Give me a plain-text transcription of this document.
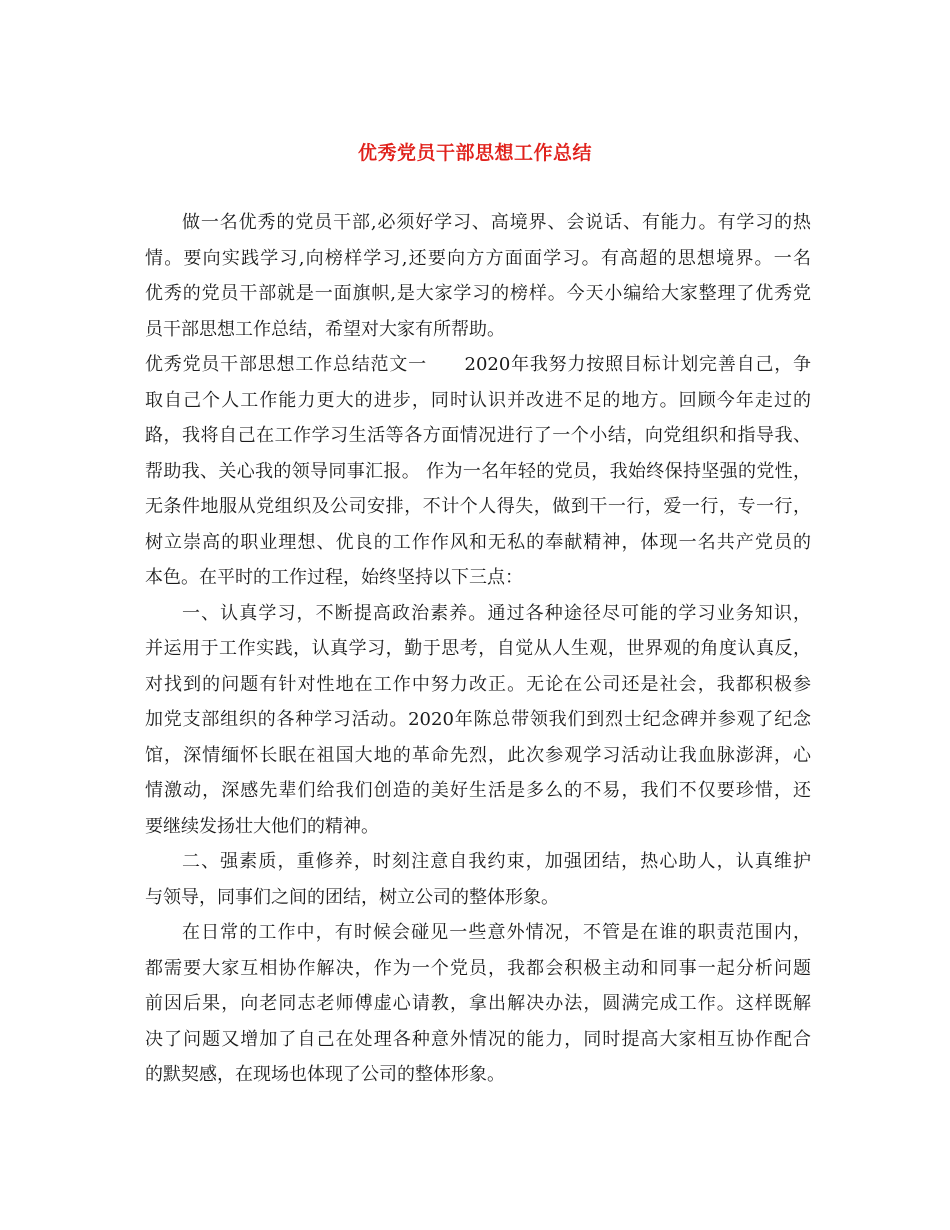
优秀党员干部思想工作总结
做一名优秀的党员干部,必须好学习、高境界、会说话、有能力。有学习的热
情。要向实践学习,向榜样学习,还要向方方面面学习。有高超的思想境界。一名
优秀的党员干部就是一面旗帜,是大家学习的榜样。今天小编给大家整理了优秀党
员干部思想工作总结，希望对大家有所帮助。
优秀党员干部思想工作总结范文一　　2020年我努力按照目标计划完善自己，争
取自己个人工作能力更大的进步，同时认识并改进不足的地方。回顾今年走过的
路，我将自己在工作学习生活等各方面情况进行了一个小结，向党组织和指导我、
帮助我、关心我的领导同事汇报。 作为一名年轻的党员，我始终保持坚强的党性，
无条件地服从党组织及公司安排，不计个人得失，做到干一行，爱一行，专一行，
树立崇高的职业理想、优良的工作作风和无私的奉献精神，体现一名共产党员的
本色。在平时的工作过程，始终坚持以下三点：
一、认真学习，不断提高政治素养。通过各种途径尽可能的学习业务知识，
并运用于工作实践，认真学习，勤于思考，自觉从人生观，世界观的角度认真反，
对找到的问题有针对性地在工作中努力改正。无论在公司还是社会，我都积极参
加党支部组织的各种学习活动。2020年陈总带领我们到烈士纪念碑并参观了纪念
馆，深情缅怀长眠在祖国大地的革命先烈，此次参观学习活动让我血脉澎湃，心
情激动，深感先辈们给我们创造的美好生活是多么的不易，我们不仅要珍惜，还
要继续发扬壮大他们的精神。
二、强素质，重修养，时刻注意自我约束，加强团结，热心助人，认真维护
与领导，同事们之间的团结，树立公司的整体形象。
在日常的工作中，有时候会碰见一些意外情况，不管是在谁的职责范围内，
都需要大家互相协作解决，作为一个党员，我都会积极主动和同事一起分析问题
前因后果，向老同志老师傅虚心请教，拿出解决办法，圆满完成工作。这样既解
决了问题又增加了自己在处理各种意外情况的能力，同时提高大家相互协作配合
的默契感，在现场也体现了公司的整体形象。
